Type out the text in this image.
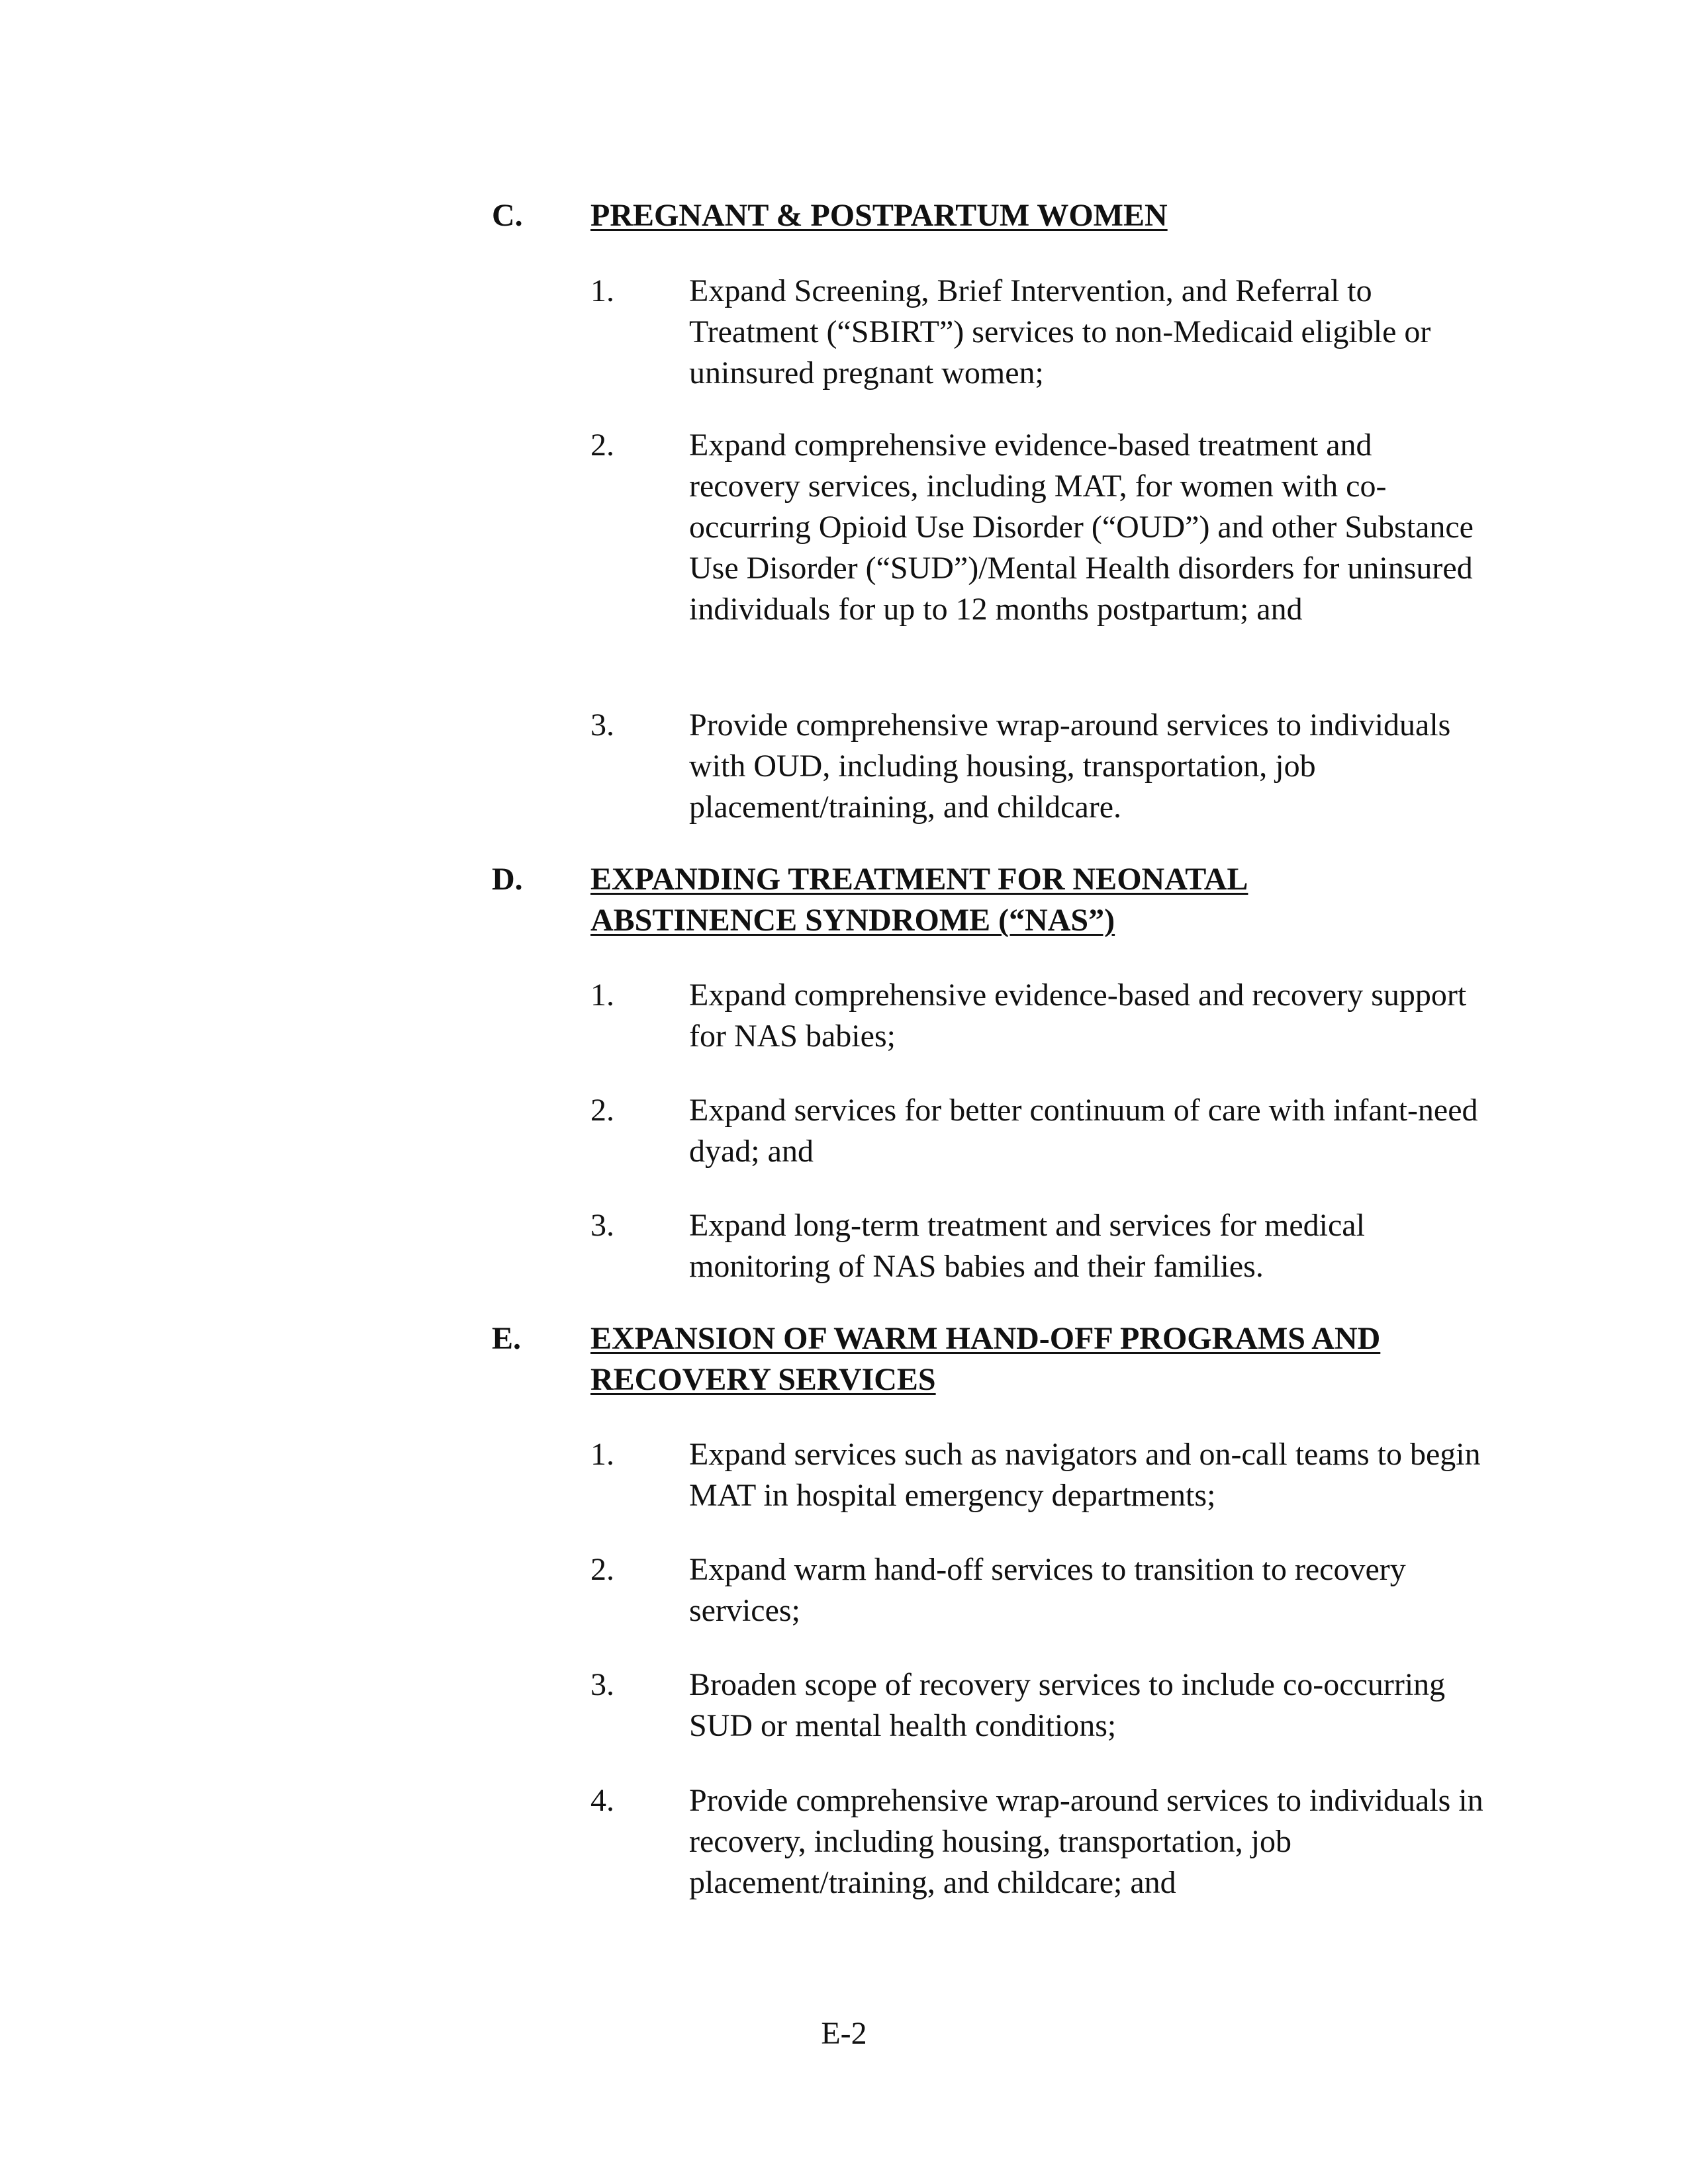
C.	PREGNANT & POSTPARTUM WOMEN
1.	Expand Screening, Brief Intervention, and Referral to Treatment (“SBIRT”) services to non-Medicaid eligible or uninsured pregnant women;
2.	Expand comprehensive evidence-based treatment and recovery services, including MAT, for women with co-occurring Opioid Use Disorder (“OUD”) and other Substance Use Disorder (“SUD”)/Mental Health disorders for uninsured individuals for up to 12 months postpartum; and
3.	Provide comprehensive wrap-around services to individuals with OUD, including housing, transportation, job placement/training, and childcare.
D.	EXPANDING TREATMENT FOR NEONATAL ABSTINENCE SYNDROME (“NAS”)
1.	Expand comprehensive evidence-based and recovery support for NAS babies;
2.	Expand services for better continuum of care with infant-need dyad; and
3.	Expand long-term treatment and services for medical monitoring of NAS babies and their families.
E.	EXPANSION OF WARM HAND-OFF PROGRAMS AND RECOVERY SERVICES
1.	Expand services such as navigators and on-call teams to begin MAT in hospital emergency departments;
2.	Expand warm hand-off services to transition to recovery services;
3.	Broaden scope of recovery services to include co-occurring SUD or mental health conditions;
4.	Provide comprehensive wrap-around services to individuals in recovery, including housing, transportation, job placement/training, and childcare; and
E-2
